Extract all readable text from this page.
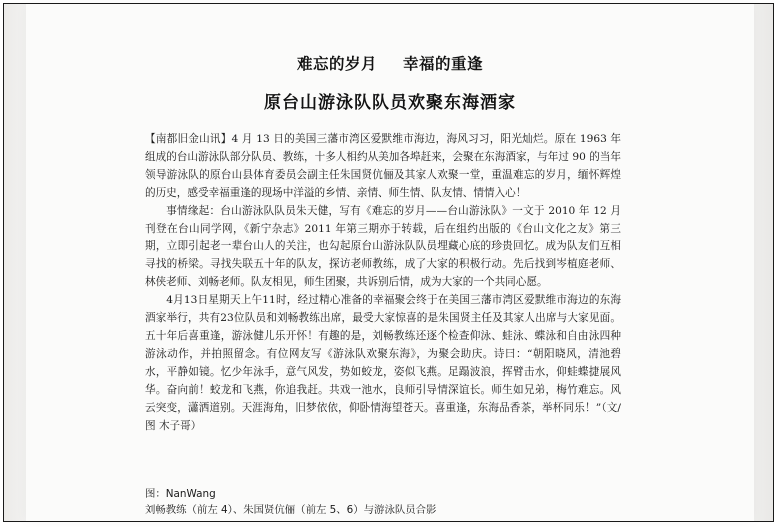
难忘的岁月 幸福的重逢
原台山游泳队队员欢聚东海酒家

【南都旧金山讯】4 月 13 日的美国三藩市湾区爱默维市海边，海风习习，阳光灿烂。原在 1963 年组成的台山游泳队部分队员、教练，十多人相约从美加各埠赶来，会聚在东海酒家，与年过 90 的当年领导游泳队的原台山县体育委员会副主任朱国贤伉俪及其家人欢聚一堂，重温难忘的岁月，缅怀辉煌的历史，感受幸福重逢的现场中洋溢的乡情、亲情、师生情、队友情、情情入心！

事情缘起：台山游泳队队员朱天健，写有《难忘的岁月——台山游泳队》一文于 2010 年 12 月刊登在台山同学网，《新宁杂志》2011 年第三期亦于转载，后在组约出版的《台山文化之友》第三期，立即引起老一辈台山人的关注，也勾起原台山游泳队队员埋藏心底的珍贵回忆。成为队友们互相寻找的桥梁。寻找失联五十年的队友，探访老师教练，成了大家的积极行动。先后找到岑植庭老师、林侠老师、刘畅老师。队友相见，师生团聚，共诉别后情，成为大家的一个共同心愿。

4月13日星期天上午11时，经过精心准备的幸福聚会终于在美国三藩市湾区爱默维市海边的东海酒家举行，共有23位队员和刘畅教练出席，最受大家惊喜的是朱国贤主任及其家人出席与大家见面。五十年后喜重逢，游泳健儿乐开怀！有趣的是，刘畅教练还逐个检查仰泳、蛙泳、蝶泳和自由泳四种游泳动作，并拍照留念。有位网友写《游泳队欢聚东海》，为聚会助庆。诗曰：“朝阳晓风，清池碧水，平静如镜。忆少年泳手，意气风发，势如蛟龙，姿似飞燕。足蹋波浪，挥臂击水，仰蛙蝶捷展风华。奋向前！蛟龙和飞燕，你追我赶。共戏一池水，良师引导情深谊长。师生如兄弟，梅竹难忘。风云突变，瀟洒道别。天涯海角，旧梦依依，仰卧情海望苍天。喜重逢，东海品香茶，举杯同乐！”（文/图 木子哥）

图：NanWang
刘畅教练（前左 4）、朱国贤伉俪（前左 5、6）与游泳队员合影
